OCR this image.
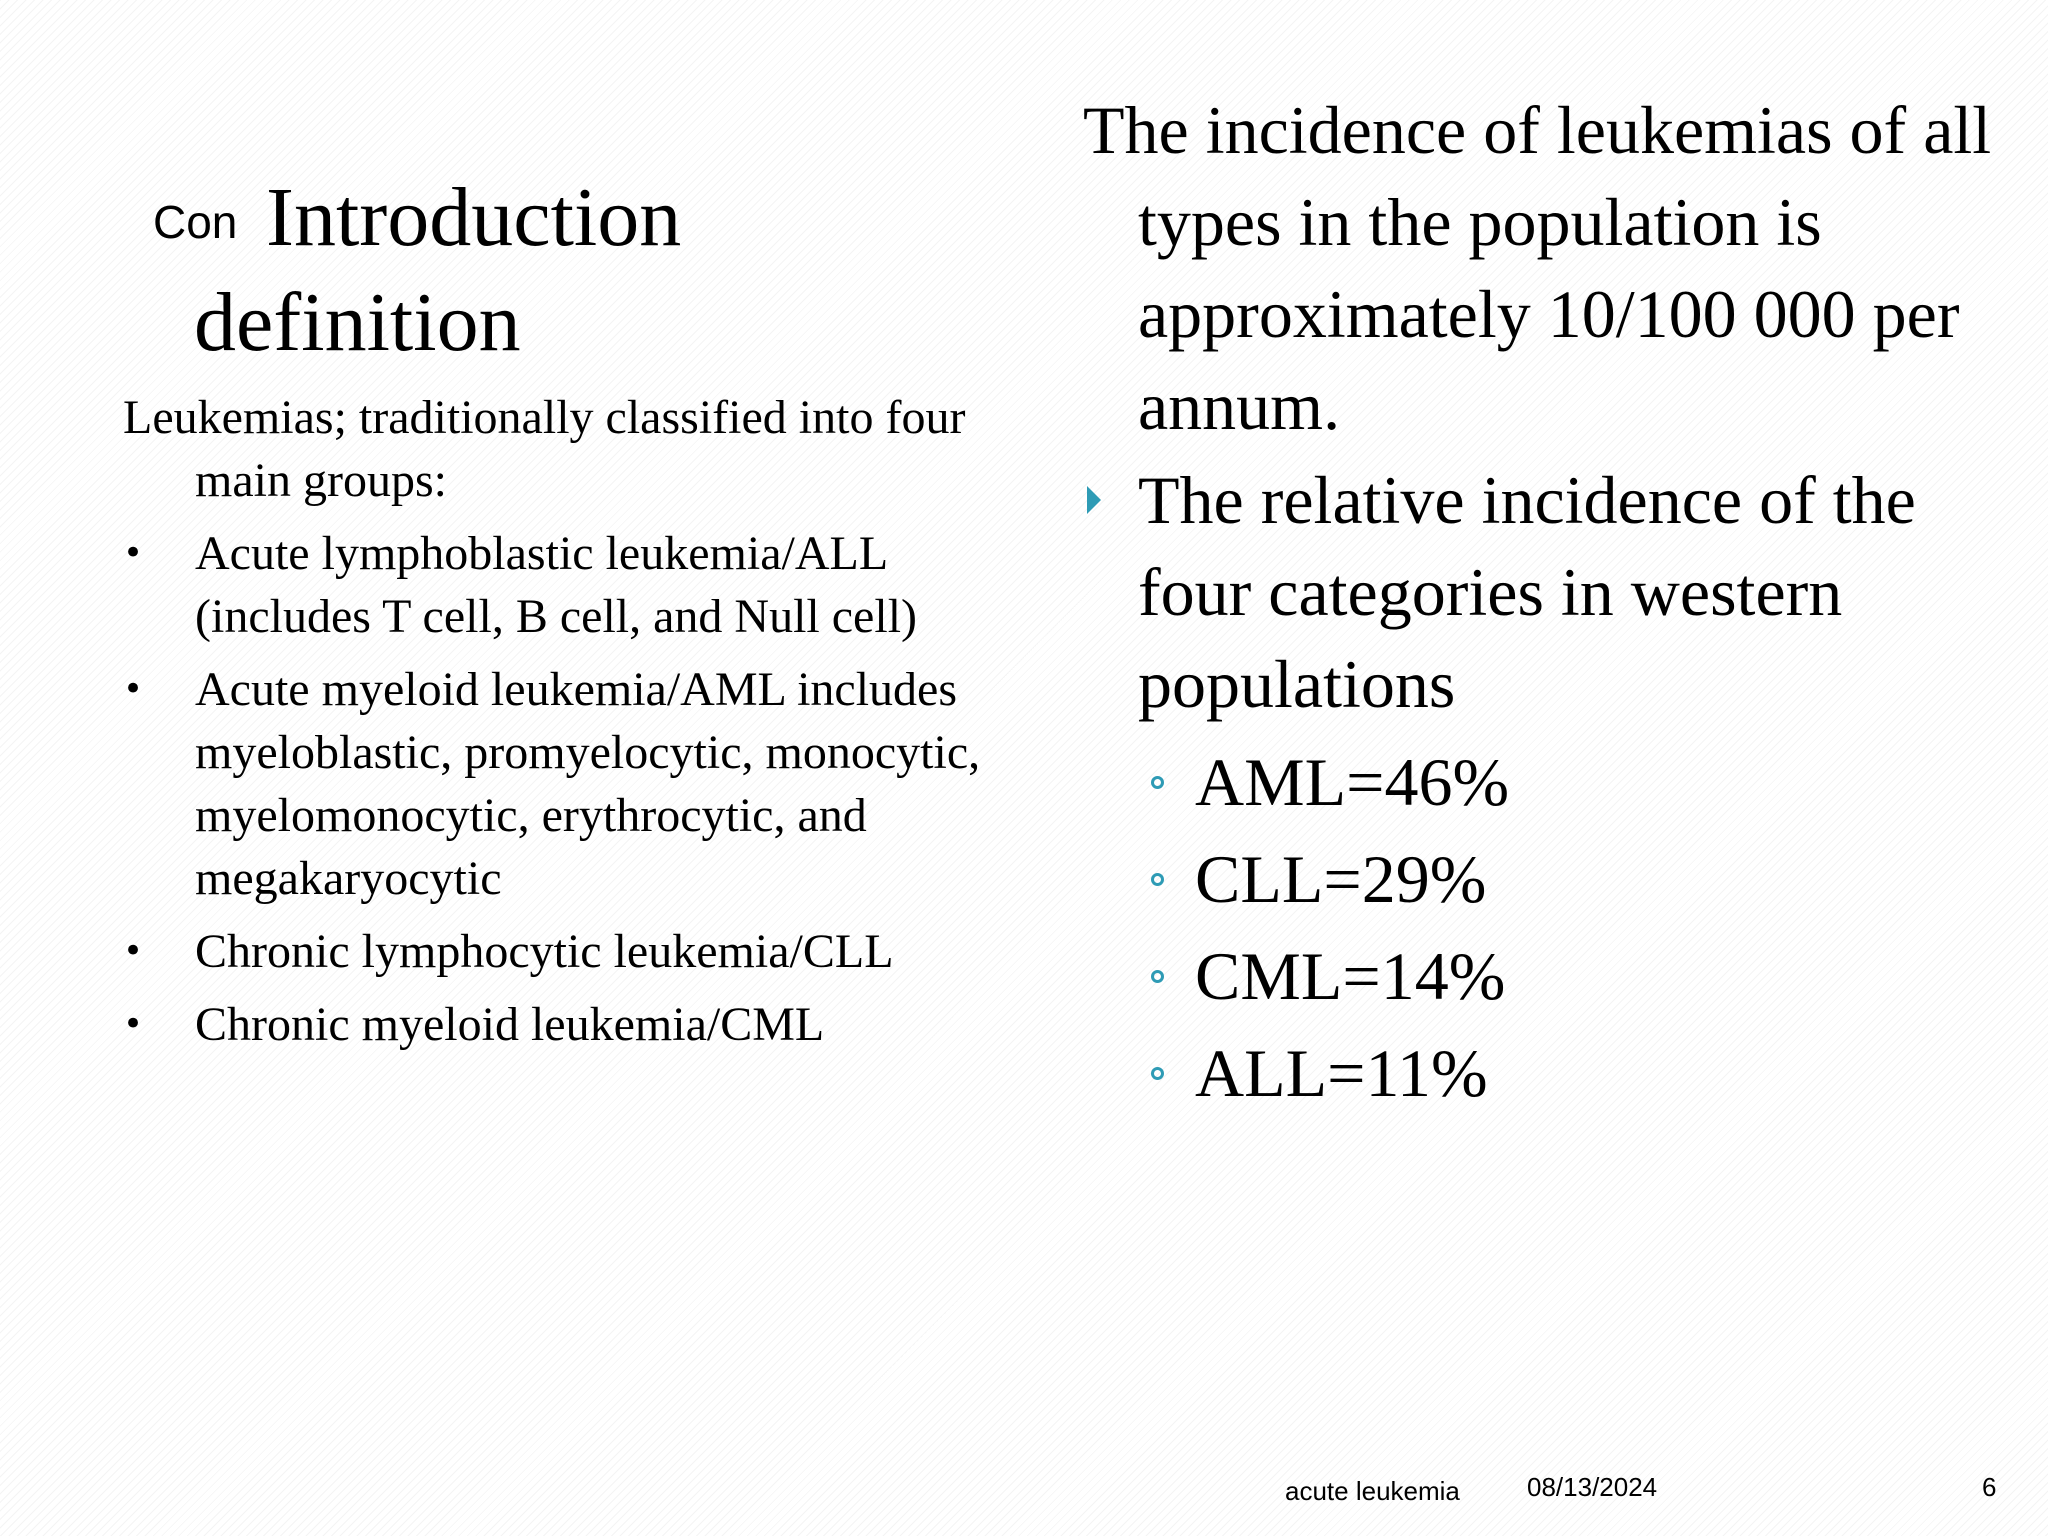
Con Introduction
definition

Leukemias; traditionally classified into four main groups:

• Acute lymphoblastic leukemia/ALL (includes T cell, B cell, and Null cell)
• Acute myeloid leukemia/AML includes myeloblastic, promyelocytic, monocytic, myelomonocytic, erythrocytic, and megakaryocytic
• Chronic lymphocytic leukemia/CLL
• Chronic myeloid leukemia/CML

The incidence of leukemias of all types in the population is approximately 10/100 000 per annum.

The relative incidence of the four categories in western populations
AML=46%
CLL=29%
CML=14%
ALL=11%
acute leukemia	08/13/2024	6
